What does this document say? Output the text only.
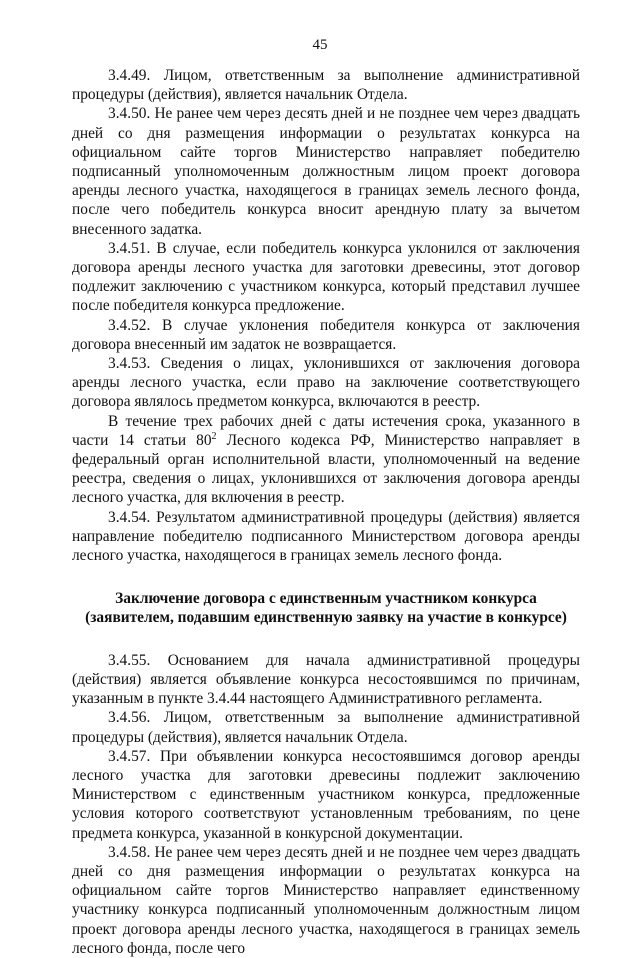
45

3.4.49. Лицом, ответственным за выполнение административной процедуры (действия), является начальник Отдела.

3.4.50. Не ранее чем через десять дней и не позднее чем через двадцать дней со дня размещения информации о результатах конкурса на официальном сайте торгов Министерство направляет победителю подписанный уполномоченным должностным лицом проект договора аренды лесного участка, находящегося в границах земель лесного фонда, после чего победитель конкурса вносит арендную плату за вычетом внесенного задатка.

3.4.51. В случае, если победитель конкурса уклонился от заключения договора аренды лесного участка для заготовки древесины, этот договор подлежит заключению с участником конкурса, который представил лучшее после победителя конкурса предложение.

3.4.52. В случае уклонения победителя конкурса от заключения договора внесенный им задаток не возвращается.

3.4.53. Сведения о лицах, уклонившихся от заключения договора аренды лесного участка, если право на заключение соответствующего договора являлось предметом конкурса, включаются в реестр.

В течение трех рабочих дней с даты истечения срока, указанного в части 14 статьи $80^2$ Лесного кодекса РФ, Министерство направляет в федеральный орган исполнительной власти, уполномоченный на ведение реестра, сведения о лицах, уклонившихся от заключения договора аренды лесного участка, для включения в реестр.

3.4.54. Результатом административной процедуры (действия) является направление победителю подписанного Министерством договора аренды лесного участка, находящегося в границах земель лесного фонда.

Заключение договора с единственным участником конкурса
(заявителем, подавшим единственную заявку на участие в конкурсе)

3.4.55. Основанием для начала административной процедуры (действия) является объявление конкурса несостоявшимся по причинам, указанным в пункте 3.4.44 настоящего Административного регламента.

3.4.56. Лицом, ответственным за выполнение административной процедуры (действия), является начальник Отдела.

3.4.57. При объявлении конкурса несостоявшимся договор аренды лесного участка для заготовки древесины подлежит заключению Министерством с единственным участником конкурса, предложенные условия которого соответствуют установленным требованиям, по цене предмета конкурса, указанной в конкурсной документации.

3.4.58. Не ранее чем через десять дней и не позднее чем через двадцать дней со дня размещения информации о результатах конкурса на официальном сайте торгов Министерство направляет единственному участнику конкурса подписанный уполномоченным должностным лицом проект договора аренды лесного участка, находящегося в границах земель лесного фонда, после чего
